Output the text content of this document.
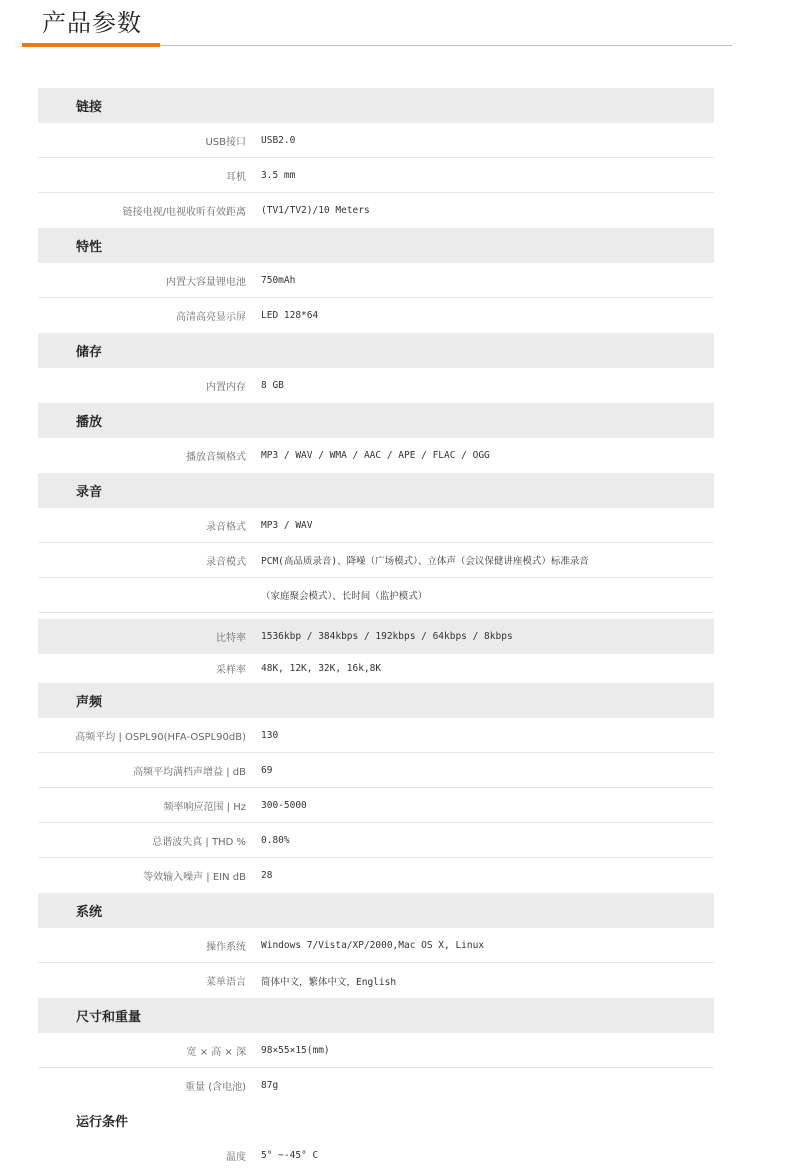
产品参数
链接
USB接口 USB2.0
耳机 3.5 mm
链接电视/电视收听有效距离 (TV1/TV2)/10 Meters
特性
内置大容量锂电池 750mAh
高清高亮显示屏 LED 128*64
储存
内置内存 8 GB
播放
播放音频格式 MP3 / WAV / WMA / AAC / APE / FLAC / OGG
录音
录音格式 MP3 / WAV
录音模式 PCM(高品质录音)、降噪（广场模式）、立体声（会议保健讲座模式）标准录音
（家庭聚会模式）、长时间（监护模式）
比特率 1536kbp / 384kbps / 192kbps / 64kbps / 8kbps
采样率 48K, 12K, 32K, 16k,8K
声频
高频平均 | OSPL90(HFA-OSPL90dB) 130
高频平均满档声增益 | dB 69
频率响应范围 | Hz 300-5000
总谐波失真 | THD % 0.80%
等效输入噪声 | EIN dB 28
系统
操作系统 Windows 7/Vista/XP/2000,Mac OS X, Linux
菜单语言 简体中文，繁体中文，English
尺寸和重量
宽 × 高 × 深 98×55×15(mm)
重量 (含电池) 87g
运行条件
温度 5° ~-45° C
